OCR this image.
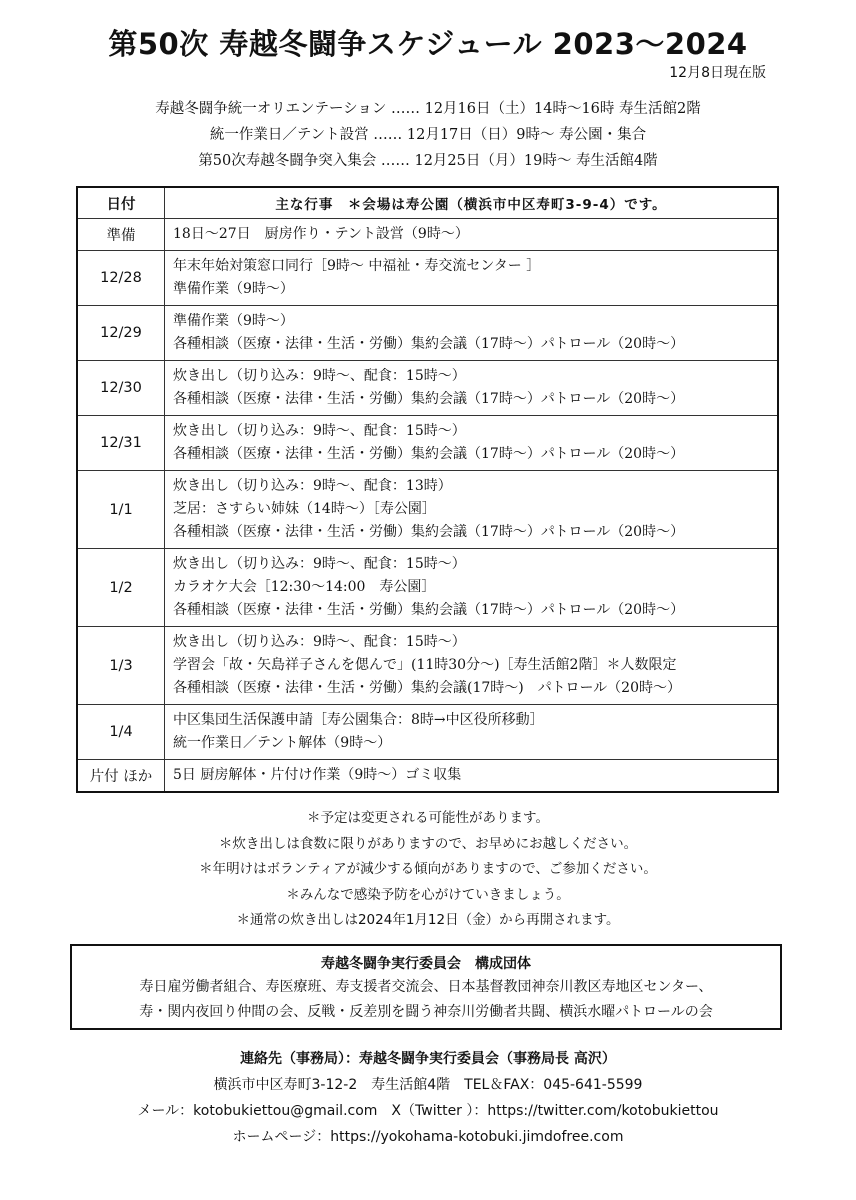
第50次 寿越冬闘争スケジュール 2023〜2024
12月8日現在版
寿越冬闘争統一オリエンテーション …… 12月16日（土）14時〜16時 寿生活館2階
統一作業日／テント設営 …… 12月17日（日）9時〜 寿公園・集合
第50次寿越冬闘争突入集会 …… 12月25日（月）19時〜 寿生活館4階
日付	主な行事　＊会場は寿公園（横浜市中区寿町3-9-4）です。
準備	18日〜27日　厨房作り・テント設営（9時〜）

12/28	年末年始対策窓口同行［9時〜 中福祉・寿交流センター ］
準備作業（9時〜）

12/29	準備作業（9時〜）
各種相談（医療・法律・生活・労働）集約会議（17時〜）パトロール（20時〜）

12/30	炊き出し（切り込み：9時〜、配食：15時〜）
各種相談（医療・法律・生活・労働）集約会議（17時〜）パトロール（20時〜）

12/31	炊き出し（切り込み：9時〜、配食：15時〜）
各種相談（医療・法律・生活・労働）集約会議（17時〜）パトロール（20時〜）

1/1	炊き出し（切り込み：9時〜、配食：13時）
芝居：さすらい姉妹（14時〜）［寿公園］
各種相談（医療・法律・生活・労働）集約会議（17時〜）パトロール（20時〜）

1/2	炊き出し（切り込み：9時〜、配食：15時〜）
カラオケ大会［12:30〜14:00　寿公園］
各種相談（医療・法律・生活・労働）集約会議（17時〜）パトロール（20時〜）

1/3	炊き出し（切り込み：9時〜、配食：15時〜）
学習会「故・矢島祥子さんを偲んで」(11時30分〜)［寿生活館2階］＊人数限定
各種相談（医療・法律・生活・労働）集約会議(17時〜)　パトロール（20時〜）

1/4	中区集団生活保護申請［寿公園集合：8時→中区役所移動］
統一作業日／テント解体（9時〜）

片付 ほか	5日 厨房解体・片付け作業（9時〜）ゴミ収集
＊予定は変更される可能性があります。
＊炊き出しは食数に限りがありますので、お早めにお越しください。
＊年明けはボランティアが減少する傾向がありますので、ご参加ください。
＊みんなで感染予防を心がけていきましょう。
＊通常の炊き出しは2024年1月12日（金）から再開されます。
寿越冬闘争実行委員会　構成団体
寿日雇労働者組合、寿医療班、寿支援者交流会、日本基督教団神奈川教区寿地区センター、
寿・関内夜回り仲間の会、反戦・反差別を闘う神奈川労働者共闘、横浜水曜パトロールの会
連絡先（事務局）：寿越冬闘争実行委員会（事務局長 高沢）
横浜市中区寿町3-12-2　寿生活館4階　TEL＆FAX：045-641-5599
メール：kotobukiettou@gmail.com　X（Twitter ）：https://twitter.com/kotobukiettou
ホームページ：https://yokohama-kotobuki.jimdofree.com
